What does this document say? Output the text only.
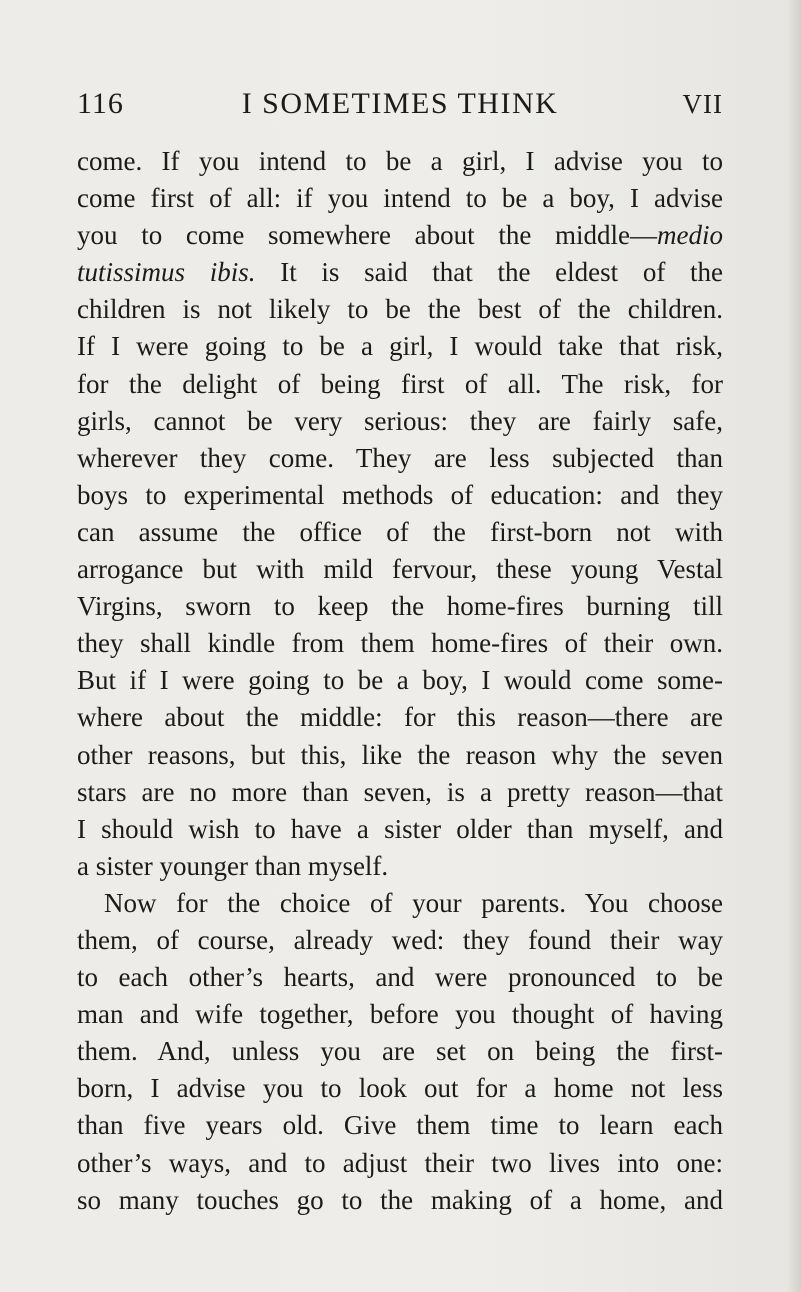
116	I SOMETIMES THINK	VII
come. If you intend to be a girl, I advise you to
come first of all: if you intend to be a boy, I advise
you to come somewhere about the middle—medio
tutissimus ibis. It is said that the eldest of the
children is not likely to be the best of the children.
If I were going to be a girl, I would take that risk,
for the delight of being first of all. The risk, for
girls, cannot be very serious: they are fairly safe,
wherever they come. They are less subjected than
boys to experimental methods of education: and they
can assume the office of the first-born not with
arrogance but with mild fervour, these young Vestal
Virgins, sworn to keep the home-fires burning till
they shall kindle from them home-fires of their own.
But if I were going to be a boy, I would come some-
where about the middle: for this reason—there are
other reasons, but this, like the reason why the seven
stars are no more than seven, is a pretty reason—that
I should wish to have a sister older than myself, and
a sister younger than myself.
Now for the choice of your parents. You choose
them, of course, already wed: they found their way
to each other’s hearts, and were pronounced to be
man and wife together, before you thought of having
them. And, unless you are set on being the first-
born, I advise you to look out for a home not less
than five years old. Give them time to learn each
other’s ways, and to adjust their two lives into one:
so many touches go to the making of a home, and
